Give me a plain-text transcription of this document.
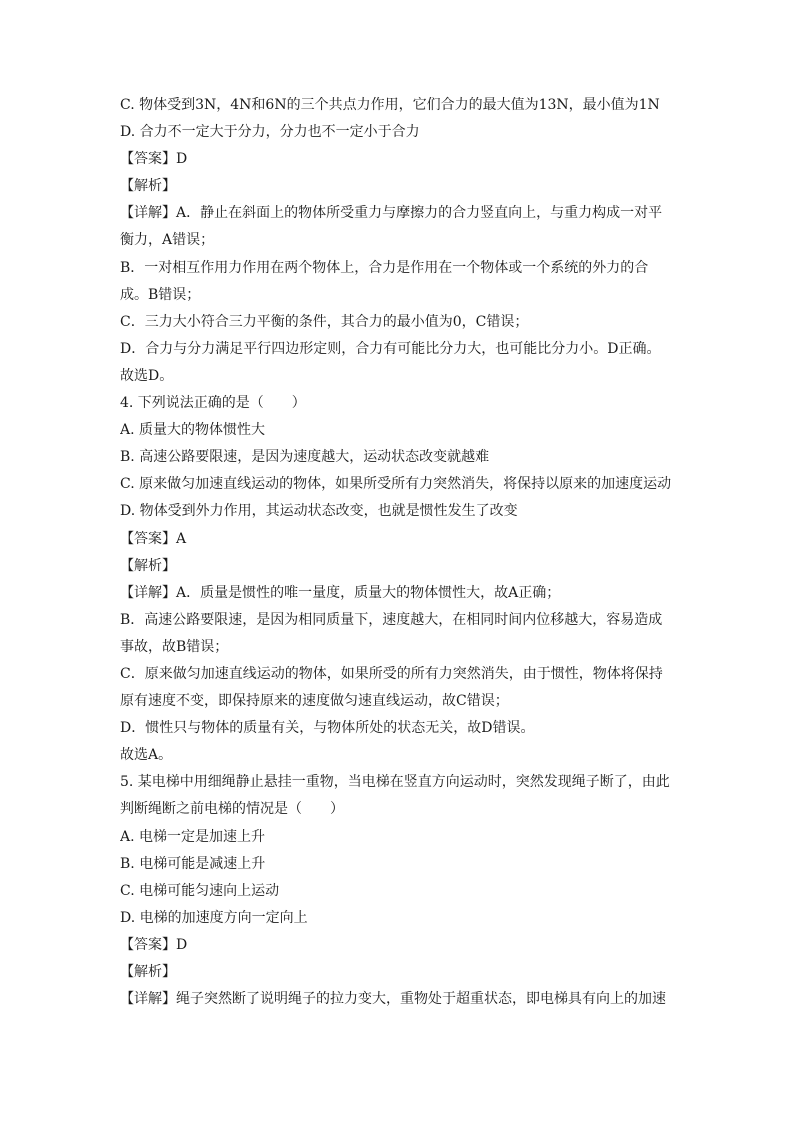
C. 物体受到3N，4N和6N的三个共点力作用，它们合力的最大值为13N，最小值为1N
D. 合力不一定大于分力，分力也不一定小于合力
【答案】D
【解析】
【详解】A．静止在斜面上的物体所受重力与摩擦力的合力竖直向上，与重力构成一对平
衡力，A错误；
B．一对相互作用力作用在两个物体上，合力是作用在一个物体或一个系统的外力的合
成。B错误；
C．三力大小符合三力平衡的条件，其合力的最小值为0，C错误；
D．合力与分力满足平行四边形定则，合力有可能比分力大，也可能比分力小。D正确。
故选D。
4. 下列说法正确的是（　　）
A. 质量大的物体惯性大
B. 高速公路要限速，是因为速度越大，运动状态改变就越难
C. 原来做匀加速直线运动的物体，如果所受所有力突然消失，将保持以原来的加速度运动
D. 物体受到外力作用，其运动状态改变，也就是惯性发生了改变
【答案】A
【解析】
【详解】A．质量是惯性的唯一量度，质量大的物体惯性大，故A正确；
B．高速公路要限速，是因为相同质量下，速度越大，在相同时间内位移越大，容易造成
事故，故B错误；
C．原来做匀加速直线运动的物体，如果所受的所有力突然消失，由于惯性，物体将保持
原有速度不变，即保持原来的速度做匀速直线运动，故C错误；
D．惯性只与物体的质量有关，与物体所处的状态无关，故D错误。
故选A。
5. 某电梯中用细绳静止悬挂一重物，当电梯在竖直方向运动时，突然发现绳子断了，由此
判断绳断之前电梯的情况是（　　）
A. 电梯一定是加速上升
B. 电梯可能是减速上升
C. 电梯可能匀速向上运动
D. 电梯的加速度方向一定向上
【答案】D
【解析】
【详解】绳子突然断了说明绳子的拉力变大，重物处于超重状态，即电梯具有向上的加速
